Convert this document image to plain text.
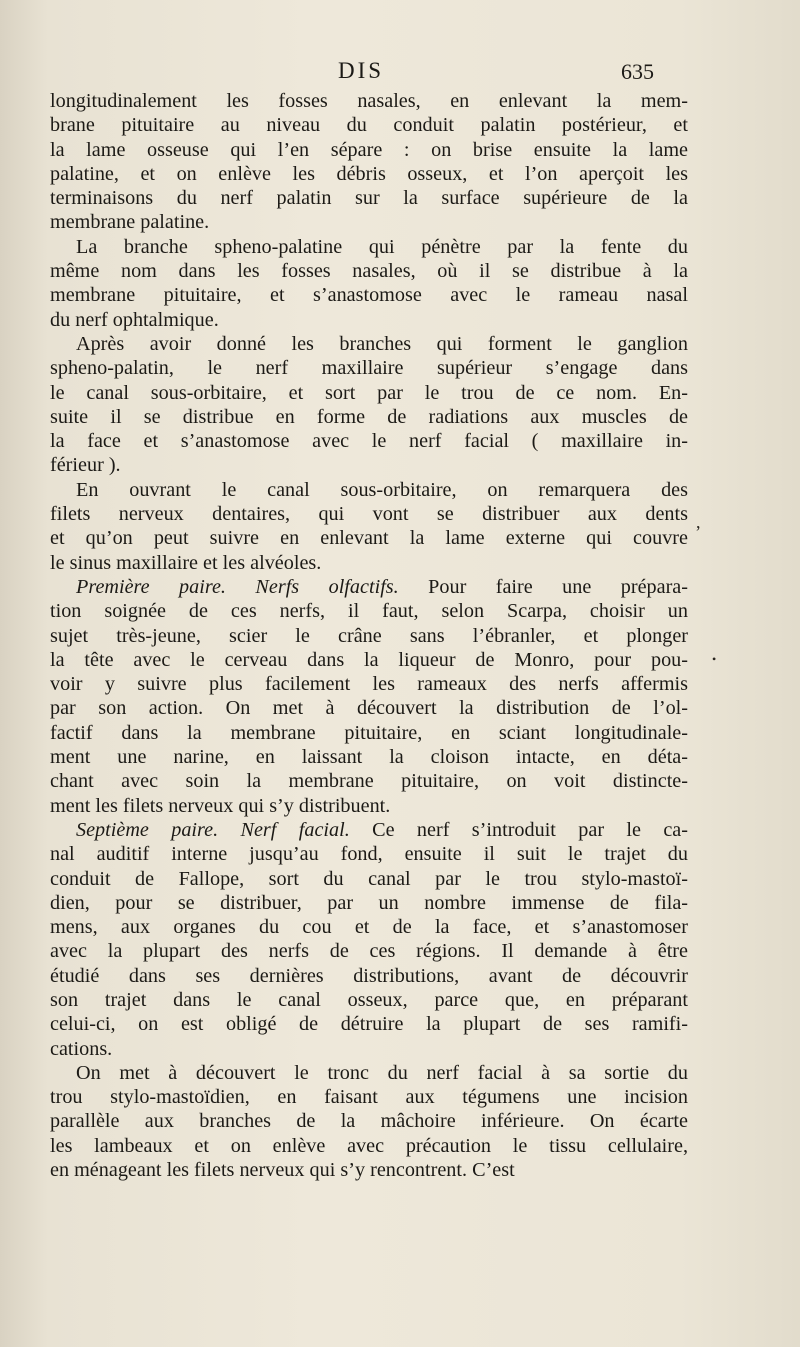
DIS	635
longitudinalement les fosses nasales, en enlevant la mem-
brane pituitaire au niveau du conduit palatin postérieur, et
la lame osseuse qui l’en sépare : on brise ensuite la lame
palatine, et on enlève les débris osseux, et l’on aperçoit les
terminaisons du nerf palatin sur la surface supérieure de la
membrane palatine.
La branche spheno-palatine qui pénètre par la fente du
même nom dans les fosses nasales, où il se distribue à la
membrane pituitaire, et s’anastomose avec le rameau nasal
du nerf ophtalmique.
Après avoir donné les branches qui forment le ganglion
spheno-palatin, le nerf maxillaire supérieur s’engage dans
le canal sous-orbitaire, et sort par le trou de ce nom. En-
suite il se distribue en forme de radiations aux muscles de
la face et s’anastomose avec le nerf facial ( maxillaire in-
férieur ).
En ouvrant le canal sous-orbitaire, on remarquera des
filets nerveux dentaires, qui vont se distribuer aux dents
et qu’on peut suivre en enlevant la lame externe qui couvre
le sinus maxillaire et les alvéoles.
Première paire. Nerfs olfactifs. Pour faire une prépara-
tion soignée de ces nerfs, il faut, selon Scarpa, choisir un
sujet très-jeune, scier le crâne sans l’ébranler, et plonger
la tête avec le cerveau dans la liqueur de Monro, pour pou-
voir y suivre plus facilement les rameaux des nerfs affermis
par son action. On met à découvert la distribution de l’ol-
factif dans la membrane pituitaire, en sciant longitudinale-
ment une narine, en laissant la cloison intacte, en déta-
chant avec soin la membrane pituitaire, on voit distincte-
ment les filets nerveux qui s’y distribuent.
Septième paire. Nerf facial. Ce nerf s’introduit par le ca-
nal auditif interne jusqu’au fond, ensuite il suit le trajet du
conduit de Fallope, sort du canal par le trou stylo-mastoï-
dien, pour se distribuer, par un nombre immense de fila-
mens, aux organes du cou et de la face, et s’anastomoser
avec la plupart des nerfs de ces régions. Il demande à être
étudié dans ses dernières distributions, avant de découvrir
son trajet dans le canal osseux, parce que, en préparant
celui-ci, on est obligé de détruire la plupart de ses ramifi-
cations.
On met à découvert le tronc du nerf facial à sa sortie du
trou stylo-mastoïdien, en faisant aux tégumens une incision
parallèle aux branches de la mâchoire inférieure. On écarte
les lambeaux et on enlève avec précaution le tissu cellulaire,
en ménageant les filets nerveux qui s’y rencontrent. C’est
,
•
